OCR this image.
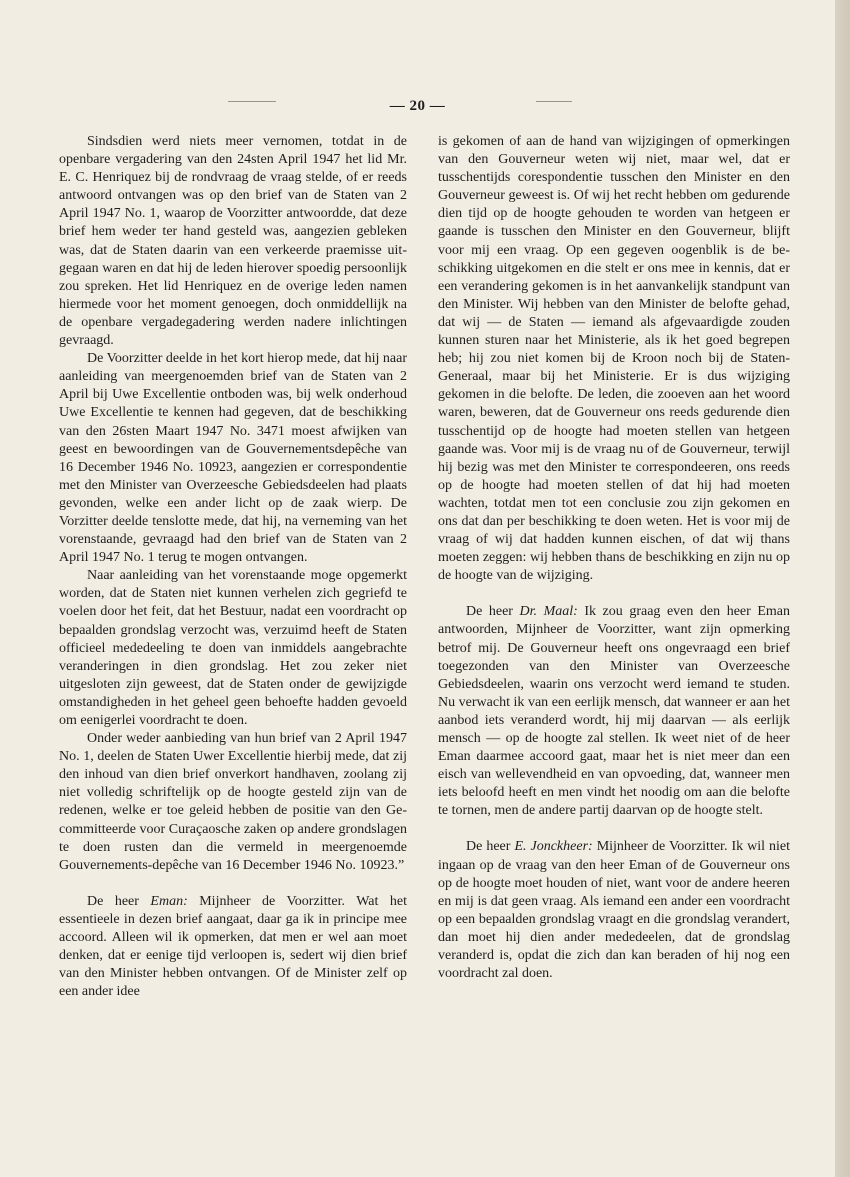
— 20 —

Sindsdien werd niets meer vernomen, totdat in de openbare vergadering van den 24sten April 1947 het lid Mr. E. C. Henriquez bij de rondvraag de vraag stelde, of er reeds antwoord ontvangen was op den brief van de Staten van 2 April 1947 No. 1, waarop de Voorzitter antwoordde, dat deze brief hem weder ter hand gesteld was, aangezien gebleken was, dat de Staten daarin van een verkeerde praemisse uitgegaan waren en dat hij de leden hierover spoedig persoonlijk zou spreken. Het lid Henriquez en de overige leden namen hiermede voor het moment genoegen, doch onmiddellijk na de openbare vergadegadering werden nadere inlichtingen gevraagd.

De Voorzitter deelde in het kort hierop mede, dat hij naar aanleiding van meergenoemden brief van de Staten van 2 April bij Uwe Excellentie ontboden was, bij welk onderhoud Uwe Excellentie te kennen had gegeven, dat de beschikking van den 26sten Maart 1947 No. 3471 moest afwijken van geest en bewoordingen van de Gouvernementsdepêche van 16 December 1946 No. 10923, aangezien er correspondentie met den Minister van Overzeesche Gebiedsdeelen had plaats gevonden, welke een ander licht op de zaak wierp. De Vorzitter deelde tenslotte mede, dat hij, na verneming van het vorenstaande, gevraagd had den brief van de Staten van 2 April 1947 No. 1 terug te mogen ontvangen.

Naar aanleiding van het vorenstaande moge opgemerkt worden, dat de Staten niet kunnen verhelen zich gegriefd te voelen door het feit, dat het Bestuur, nadat een voordracht op bepaalden grondslag verzocht was, verzuimd heeft de Staten officieel mededeeling te doen van inmiddels aangebrachte veranderingen in dien grondslag. Het zou zeker niet uitgesloten zijn geweest, dat de Staten onder de gewijzigde omstandigheden in het geheel geen behoefte hadden gevoeld om eenigerlei voordracht te doen.

Onder weder aanbieding van hun brief van 2 April 1947 No. 1, deelen de Staten Uwer Excellentie hierbij mede, dat zij den inhoud van dien brief onverkort handhaven, zoolang zij niet volledig schriftelijk op de hoogte gesteld zijn van de redenen, welke er toe geleid hebben de positie van den Gecommitteerde voor Curaçaosche zaken op andere grondslagen te doen rusten dan die vermeld in meergenoemde Gouvernements-depêche van 16 December 1946 No. 10923.”

De heer Eman: Mijnheer de Voorzitter. Wat het essentieele in dezen brief aangaat, daar ga ik in principe mee accoord. Alleen wil ik opmerken, dat men er wel aan moet denken, dat er eenige tijd verloopen is, sedert wij dien brief van den Minister hebben ontvangen. Of de Minister zelf op een ander idee

is gekomen of aan de hand van wijzigingen of opmerkingen van den Gouverneur weten wij niet, maar wel, dat er tusschentijds corespondentie tusschen den Minister en den Gouverneur geweest is. Of wij het recht hebben om gedurende dien tijd op de hoogte gehouden te worden van hetgeen er gaande is tusschen den Minister en den Gouverneur, blijft voor mij een vraag. Op een gegeven oogenblik is de beschikking uitgekomen en die stelt er ons mee in kennis, dat er een verandering gekomen is in het aanvankelijk standpunt van den Minister. Wij hebben van den Minister de belofte gehad, dat wij — de Staten — iemand als afgevaardigde zouden kunnen sturen naar het Ministerie, als ik het goed begrepen heb; hij zou niet komen bij de Kroon noch bij de Staten-Generaal, maar bij het Ministerie. Er is dus wijziging gekomen in die belofte. De leden, die zooeven aan het woord waren, beweren, dat de Gouverneur ons reeds gedurende dien tusschentijd op de hoogte had moeten stellen van hetgeen gaande was. Voor mij is de vraag nu of de Gouverneur, terwijl hij bezig was met den Minister te correspondeeren, ons reeds op de hoogte had moeten stellen of dat hij had moeten wachten, totdat men tot een conclusie zou zijn gekomen en ons dat dan per beschikking te doen weten. Het is voor mij de vraag of wij dat hadden kunnen eischen, of dat wij thans moeten zeggen: wij hebben thans de beschikking en zijn nu op de hoogte van de wijziging.

De heer Dr. Maal: Ik zou graag even den heer Eman antwoorden, Mijnheer de Voorzitter, want zijn opmerking betrof mij. De Gouverneur heeft ons ongevraagd een brief toegezonden van den Minister van Overzeesche Gebiedsdeelen, waarin ons verzocht werd iemand te studen. Nu verwacht ik van een eerlijk mensch, dat wanneer er aan het aanbod iets veranderd wordt, hij mij daarvan — als eerlijk mensch — op de hoogte zal stellen. Ik weet niet of de heer Eman daarmee accoord gaat, maar het is niet meer dan een eisch van wellevendheid en van opvoeding, dat, wanneer men iets beloofd heeft en men vindt het noodig om aan die belofte te tornen, men de andere partij daarvan op de hoogte stelt.

De heer E. Jonckheer: Mijnheer de Voorzitter. Ik wil niet ingaan op de vraag van den heer Eman of de Gouverneur ons op de hoogte moet houden of niet, want voor de andere heeren en mij is dat geen vraag. Als iemand een ander een voordracht op een bepaalden grondslag vraagt en die grondslag verandert, dan moet hij dien ander mededeelen, dat de grondslag veranderd is, opdat die zich dan kan beraden of hij nog een voordracht zal doen.
